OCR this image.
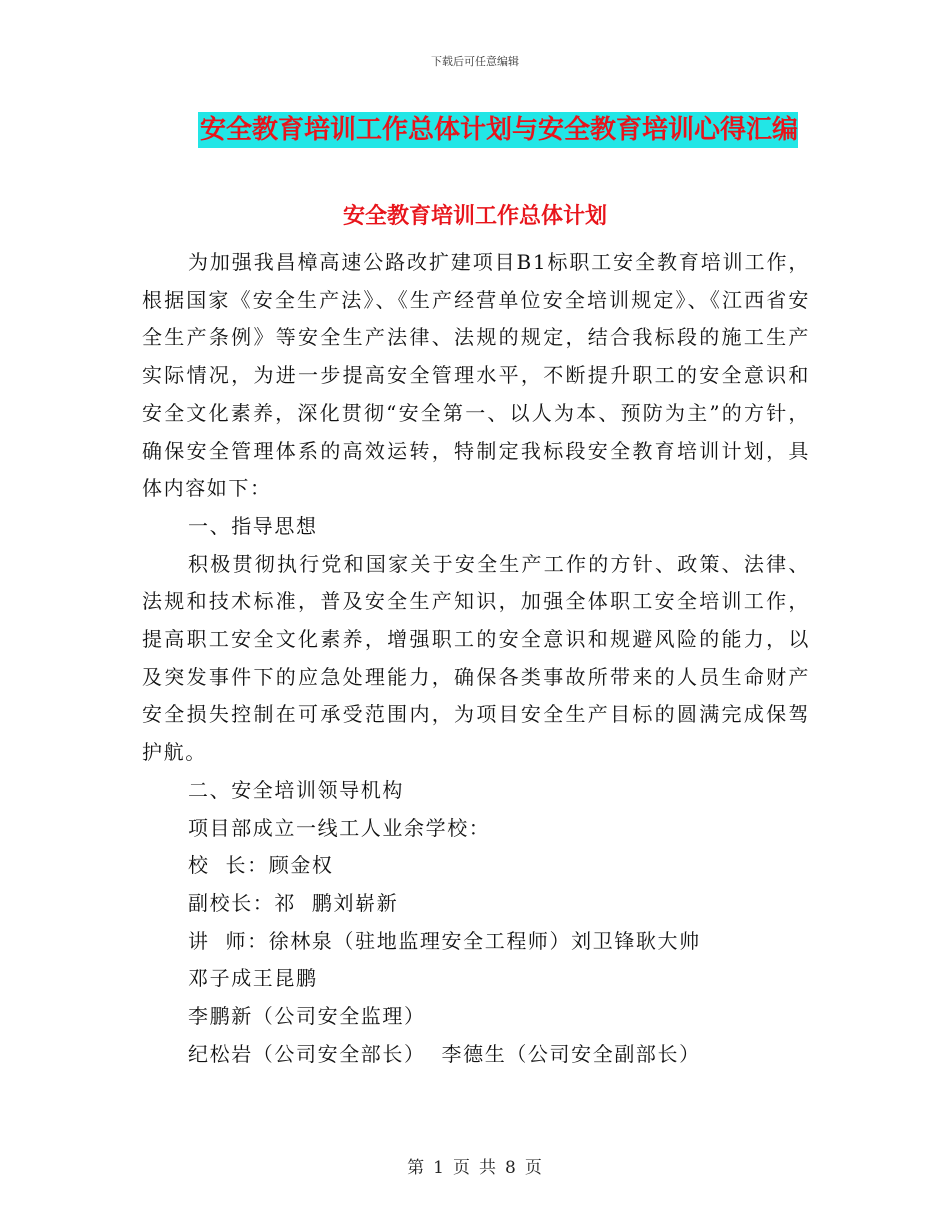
下载后可任意编辑
安全教育培训工作总体计划与安全教育培训心得汇编
安全教育培训工作总体计划

为加强我昌樟高速公路改扩建项目B1标职工安全教育培训工作，根据国家《安全生产法》、《生产经营单位安全培训规定》、《江西省安全生产条例》等安全生产法律、法规的规定，结合我标段的施工生产实际情况，为进一步提高安全管理水平，不断提升职工的安全意识和安全文化素养，深化贯彻“安全第一、以人为本、预防为主”的方针，确保安全管理体系的高效运转，特制定我标段安全教育培训计划，具体内容如下：

一、指导思想

积极贯彻执行党和国家关于安全生产工作的方针、政策、法律、法规和技术标准，普及安全生产知识，加强全体职工安全培训工作，提高职工安全文化素养，增强职工的安全意识和规避风险的能力，以及突发事件下的应急处理能力，确保各类事故所带来的人员生命财产安全损失控制在可承受范围内，为项目安全生产目标的圆满完成保驾护航。

二、安全培训领导机构

项目部成立一线工人业余学校：

校  长：顾金权

副校长：祁  鹏刘崭新

讲  师：徐林泉（驻地监理安全工程师）刘卫锋耿大帅

邓子成王昆鹏

李鹏新（公司安全监理）

纪松岩（公司安全部长）  李德生（公司安全副部长）

第 1 页 共 8 页
